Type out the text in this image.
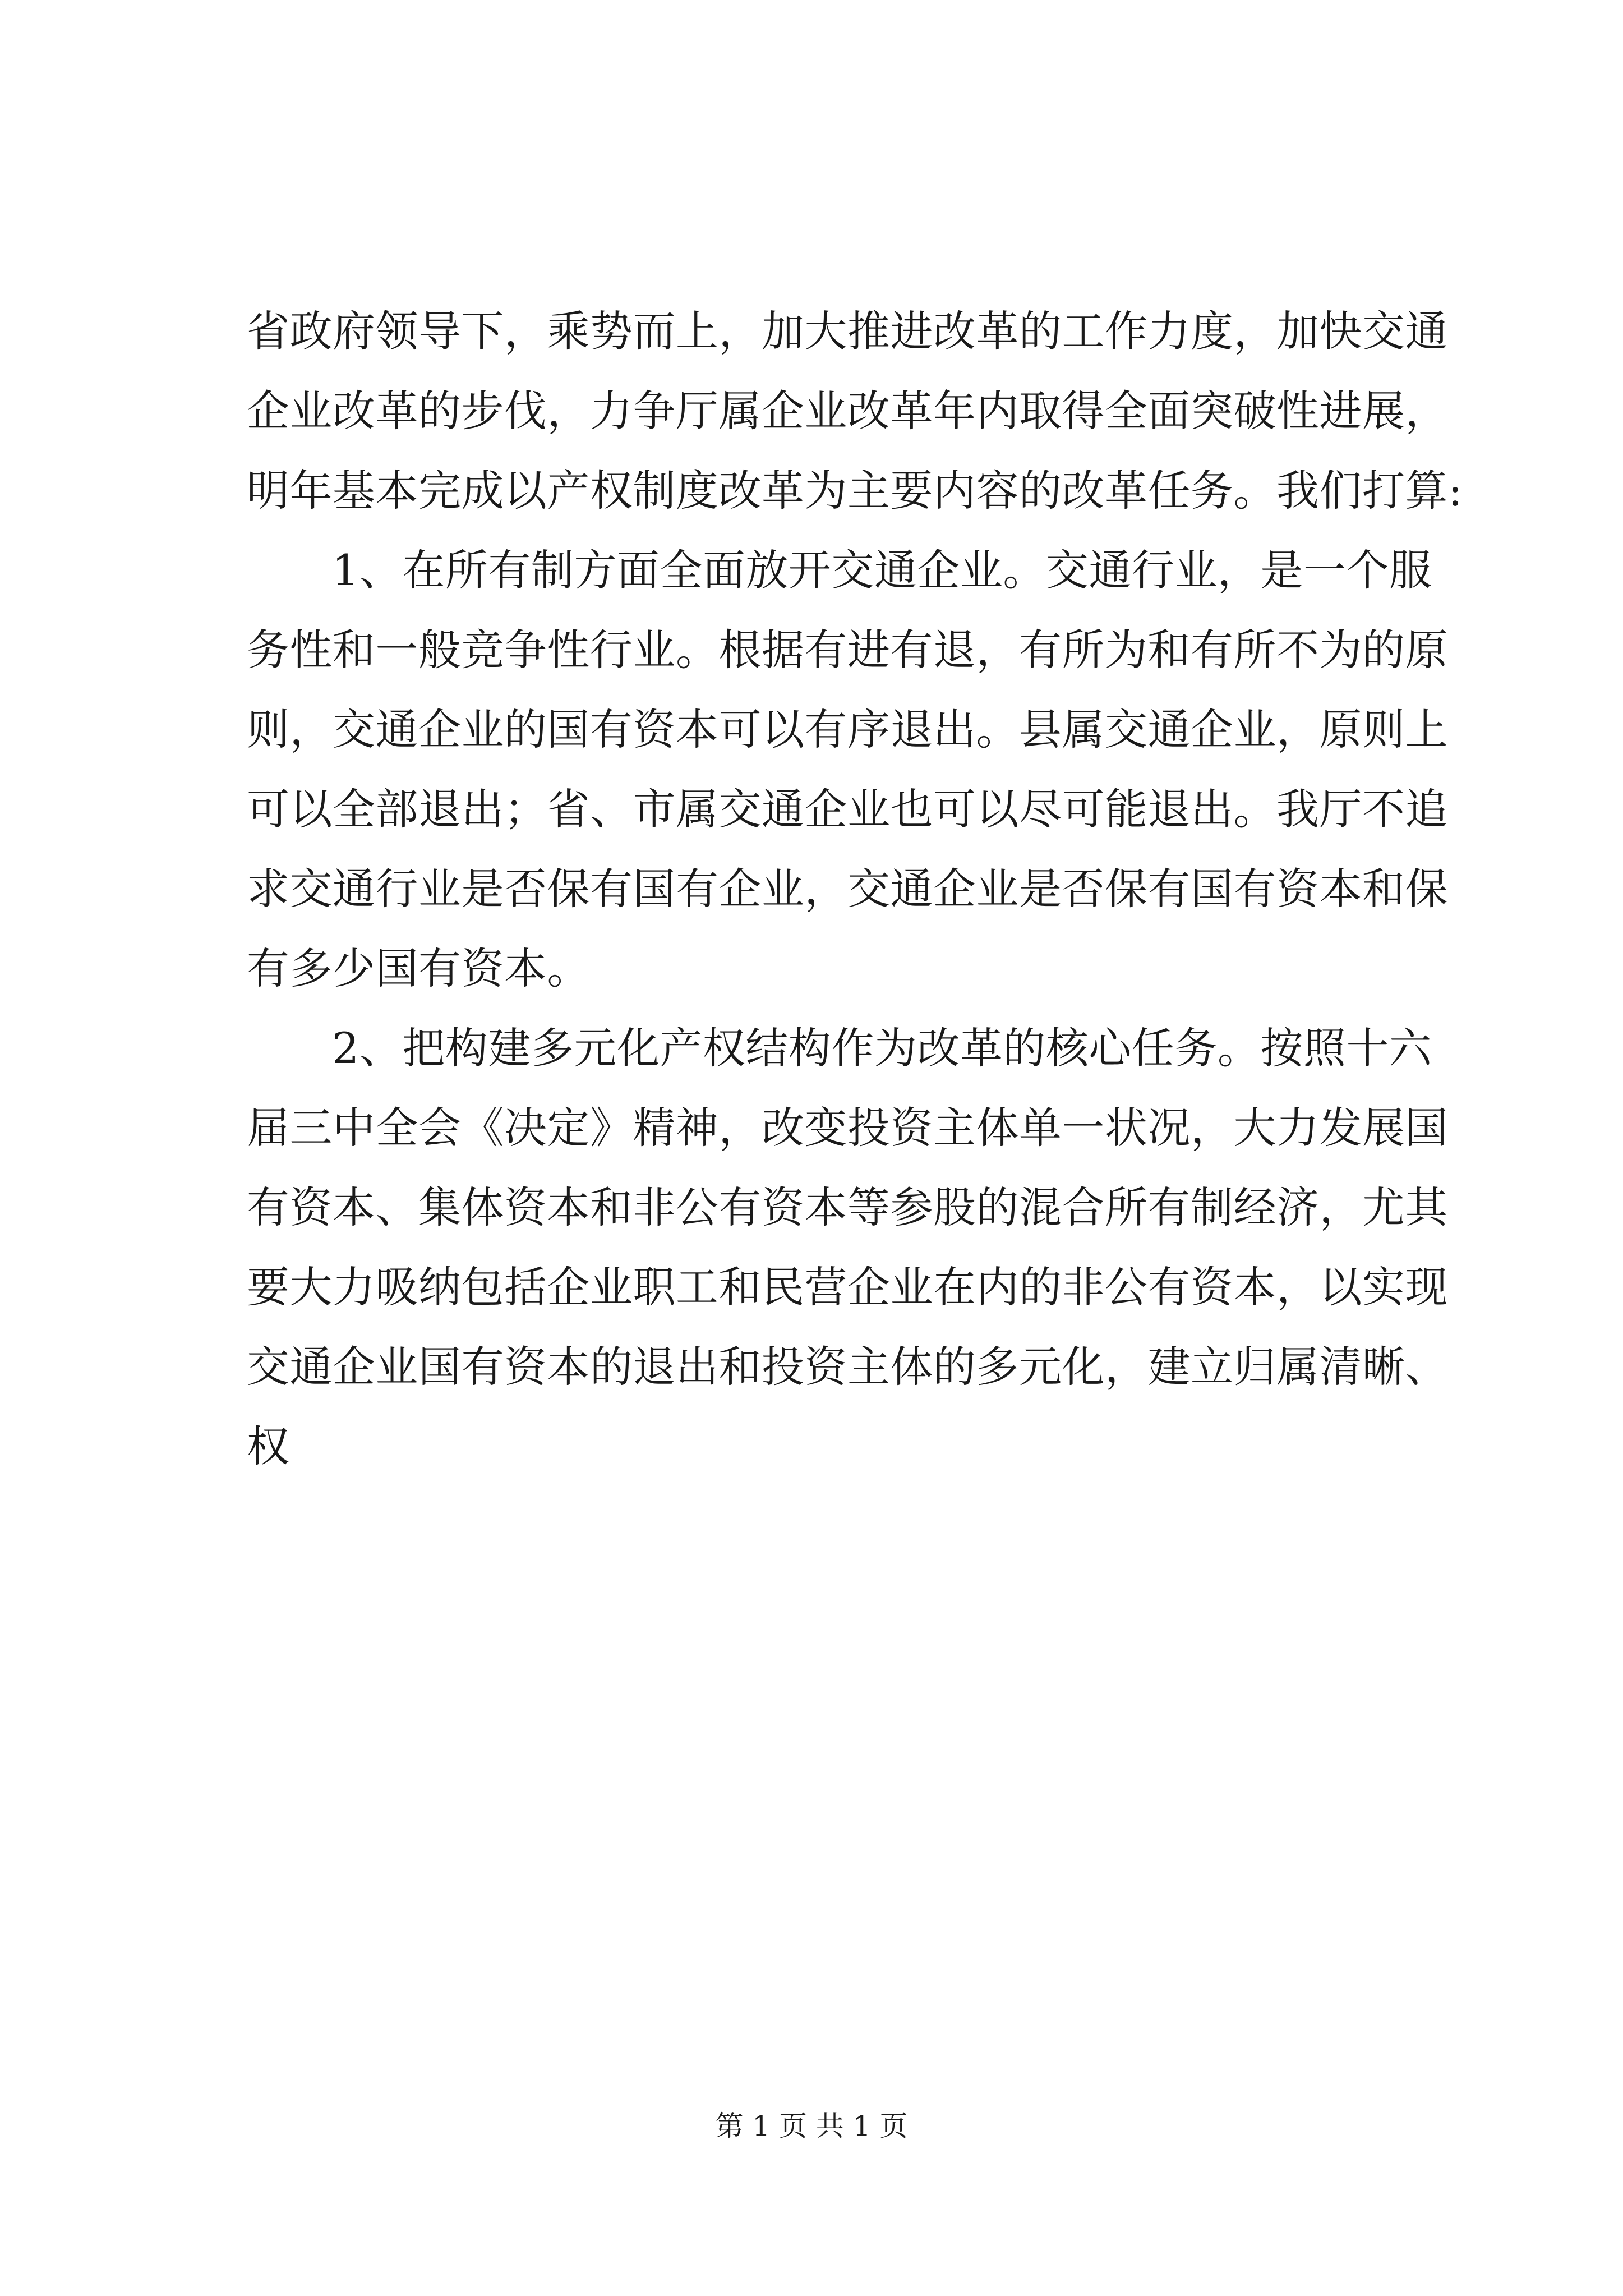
省政府领导下，乘势而上，加大推进改革的工作力度，加快交通
企业改革的步伐，力争厅属企业改革年内取得全面突破性进展，
明年基本完成以产权制度改革为主要内容的改革任务。我们打算:
1、在所有制方面全面放开交通企业。交通行业，是一个服
务性和一般竞争性行业。根据有进有退，有所为和有所不为的原
则，交通企业的国有资本可以有序退出。县属交通企业，原则上
可以全部退出；省、市属交通企业也可以尽可能退出。我厅不追
求交通行业是否保有国有企业，交通企业是否保有国有资本和保
有多少国有资本。
2、把构建多元化产权结构作为改革的核心任务。按照十六
届三中全会《决定》精神，改变投资主体单一状况，大力发展国
有资本、集体资本和非公有资本等参股的混合所有制经济，尤其
要大力吸纳包括企业职工和民营企业在内的非公有资本，以实现
交通企业国有资本的退出和投资主体的多元化，建立归属清晰、
权
第 1 页 共 1 页
